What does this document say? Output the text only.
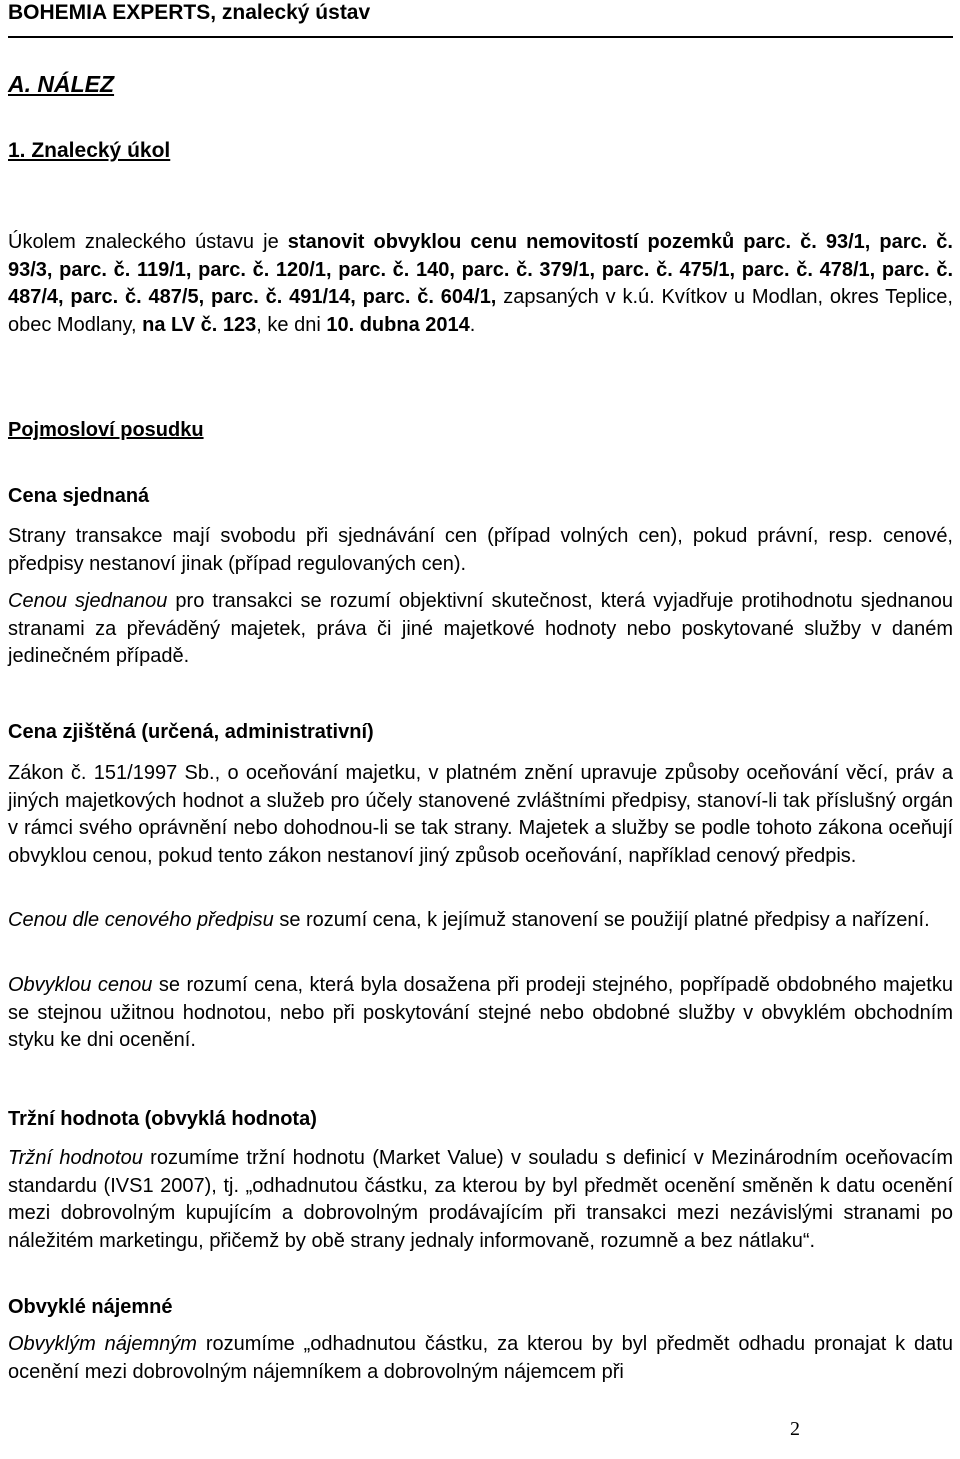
BOHEMIA EXPERTS, znalecký ústav
A. NÁLEZ
1. Znalecký úkol
Úkolem znaleckého ústavu je stanovit obvyklou cenu nemovitostí pozemků parc. č. 93/1, parc. č. 93/3, parc. č. 119/1, parc. č. 120/1, parc. č. 140, parc. č. 379/1, parc. č. 475/1, parc. č. 478/1, parc. č. 487/4, parc. č. 487/5, parc. č. 491/14, parc. č. 604/1, zapsaných v k.ú. Kvítkov u Modlan, okres Teplice, obec Modlany, na LV č. 123, ke dni 10. dubna 2014.
Pojmosloví posudku
Cena sjednaná
Strany transakce mají svobodu při sjednávání cen (případ volných cen), pokud právní, resp. cenové, předpisy nestanoví jinak (případ regulovaných cen).
Cenou sjednanou pro transakci se rozumí objektivní skutečnost, která vyjadřuje protihodnotu sjednanou stranami za převáděný majetek, práva či jiné majetkové hodnoty nebo poskytované služby v daném jedinečném případě.
Cena zjištěná (určená, administrativní)
Zákon č. 151/1997 Sb., o oceňování majetku, v platném znění upravuje způsoby oceňování věcí, práv a jiných majetkových hodnot a služeb pro účely stanovené zvláštními předpisy, stanoví-li tak příslušný orgán v rámci svého oprávnění nebo dohodnou-li se tak strany. Majetek a služby se podle tohoto zákona oceňují obvyklou cenou, pokud tento zákon nestanoví jiný způsob oceňování, například cenový předpis.
Cenou dle cenového předpisu se rozumí cena, k jejímuž stanovení se použijí platné předpisy a nařízení.
Obvyklou cenou se rozumí cena, která byla dosažena při prodeji stejného, popřípadě obdobného majetku se stejnou užitnou hodnotou, nebo při poskytování stejné nebo obdobné služby v obvyklém obchodním styku ke dni ocenění.
Tržní hodnota (obvyklá hodnota)
Tržní hodnotou rozumíme tržní hodnotu (Market Value) v souladu s definicí v Mezinárodním oceňovacím standardu (IVS1 2007), tj. „odhadnutou částku, za kterou by byl předmět ocenění směněn k datu ocenění mezi dobrovolným kupujícím a dobrovolným prodávajícím při transakci mezi nezávislými stranami po náležitém marketingu, přičemž by obě strany jednaly informovaně, rozumně a bez nátlaku“.
Obvyklé nájemné
Obvyklým nájemným rozumíme „odhadnutou částku, za kterou by byl předmět odhadu pronajat k datu ocenění mezi dobrovolným nájemníkem a dobrovolným nájemcem při
2
